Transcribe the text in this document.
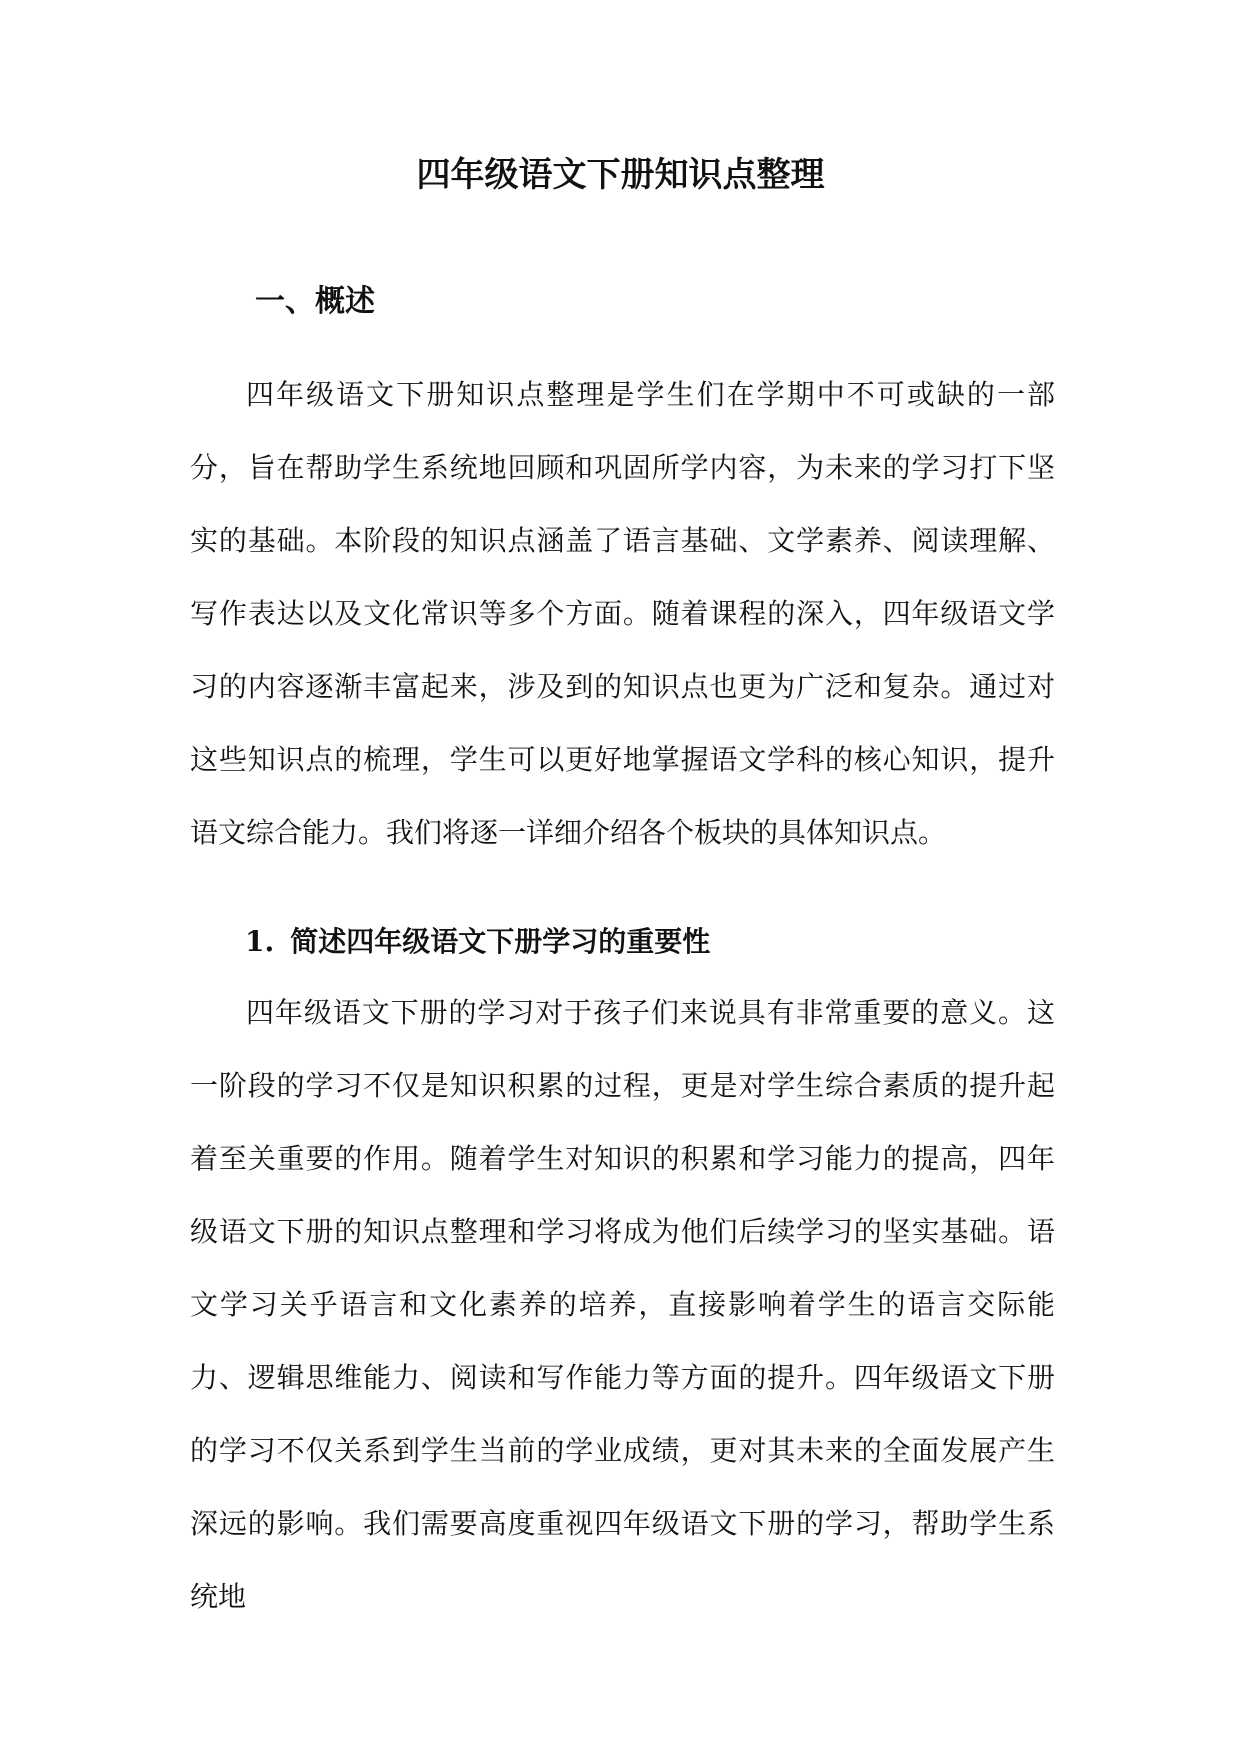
四年级语文下册知识点整理
一、概述

四年级语文下册知识点整理是学生们在学期中不可或缺的一部分，旨在帮助学生系统地回顾和巩固所学内容，为未来的学习打下坚实的基础。本阶段的知识点涵盖了语言基础、文学素养、阅读理解、写作表达以及文化常识等多个方面。随着课程的深入，四年级语文学习的内容逐渐丰富起来，涉及到的知识点也更为广泛和复杂。通过对这些知识点的梳理，学生可以更好地掌握语文学科的核心知识，提升语文综合能力。我们将逐一详细介绍各个板块的具体知识点。

1. 简述四年级语文下册学习的重要性

四年级语文下册的学习对于孩子们来说具有非常重要的意义。这一阶段的学习不仅是知识积累的过程，更是对学生综合素质的提升起着至关重要的作用。随着学生对知识的积累和学习能力的提高，四年级语文下册的知识点整理和学习将成为他们后续学习的坚实基础。语文学习关乎语言和文化素养的培养，直接影响着学生的语言交际能力、逻辑思维能力、阅读和写作能力等方面的提升。四年级语文下册的学习不仅关系到学生当前的学业成绩，更对其未来的全面发展产生深远的影响。我们需要高度重视四年级语文下册的学习，帮助学生系统地
